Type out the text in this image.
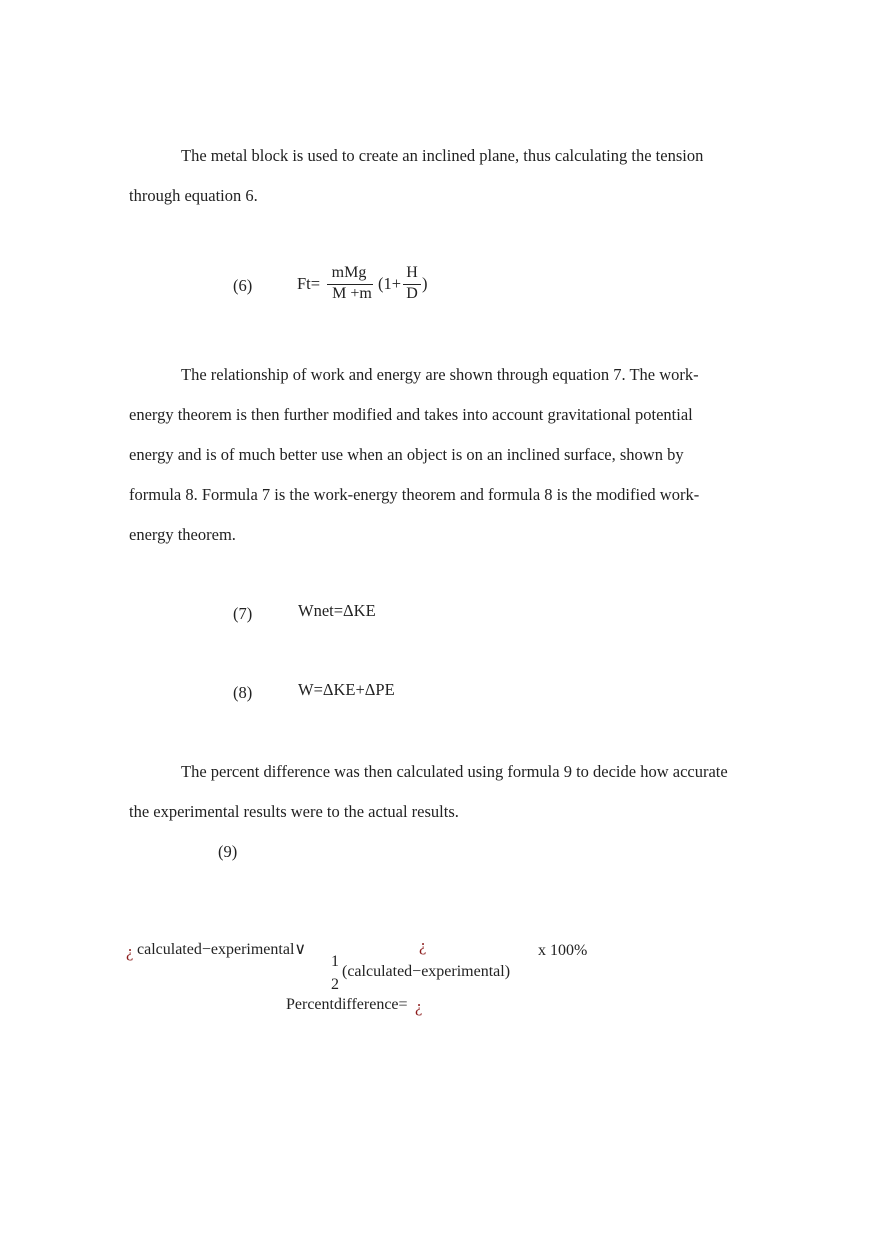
The metal block is used to create an inclined plane, thus calculating the tension through equation 6.

(6)	Ft=
mMg
M +m
(1+
H
D
)

The relationship of work and energy are shown through equation 7. The work-energy theorem is then further modified and takes into account gravitational potential energy and is of much better use when an object is on an inclined surface, shown by formula 8. Formula 7 is the work-energy theorem and formula 8 is the modified work-energy theorem.

(7)	Wnet=ΔKE
(8)	W=ΔKE+ΔPE

The percent difference was then calculated using formula 9 to decide how accurate the experimental results were to the actual results.

(9)
¿ calculated−experimental∨	¿
1
2
(calculated−experimental)
x 100%
Percentdifference= ¿
